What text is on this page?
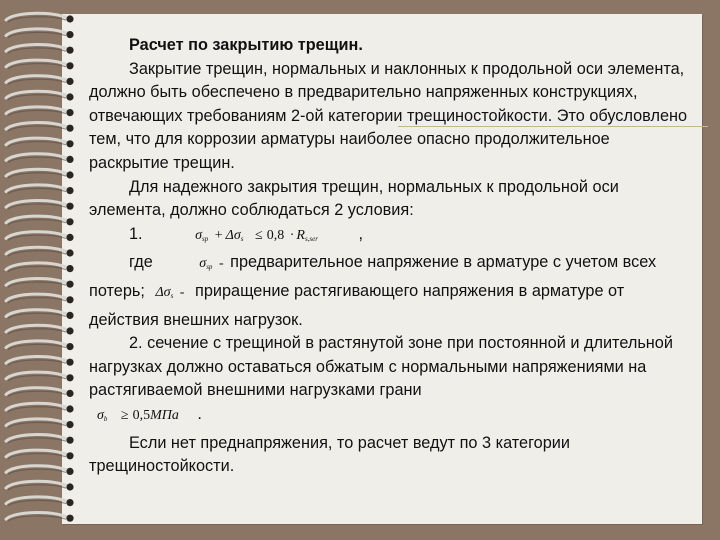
Расчет по закрытию трещин.

Закрытие трещин, нормальных и наклонных к продольной оси элемента, должно быть обеспечено в предварительно напряженных конструкциях, отвечающих требованиям 2-ой категории трещиностойкости. Это обусловлено тем, что для коррозии арматуры наиболее опасно продолжительное раскрытие трещин.

Для надежного закрытия трещин, нормальных к продольной оси элемента, должно соблюдаться 2 условия:

1.	$\sigma_{sp} + \Delta\sigma_s \le 0,8 \cdot R_{s,ser}$ ,

где	$\sigma_{sp}$ - предварительное напряжение в арматуре с учетом всех

потерь; $\Delta\sigma_s$ - приращение растягивающего напряжения в арматуре от действия внешних нагрузок.

2. сечение с трещиной в растянутой зоне при постоянной и длительной нагрузках должно оставаться обжатым с нормальными напряжениями на растягиваемой внешними нагрузками грани

$\sigma_b \ge 0,5МПа$ .

Если нет преднапряжения, то расчет ведут по 3 категории трещиностойкости.
